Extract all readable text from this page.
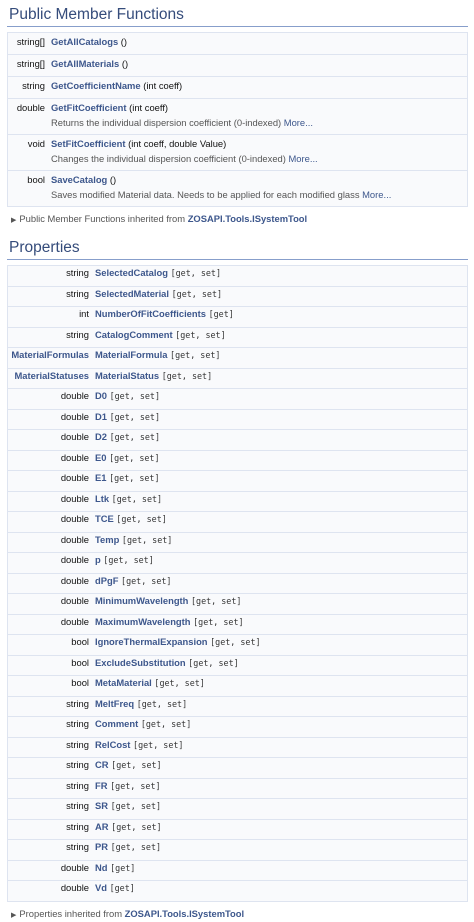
Public Member Functions
string[]	GetAllCatalogs ()
string[]	GetAllMaterials ()
string	GetCoefficientName (int coeff)
double	GetFitCoefficient (int coeff)
Returns the individual dispersion coefficient (0-indexed) More...

void	SetFitCoefficient (int coeff, double Value)
Changes the individual dispersion coefficient (0-indexed) More...

bool	SaveCatalog ()
Saves modified Material data. Needs to be applied for each modified glass More...
▶ Public Member Functions inherited from ZOSAPI.Tools.ISystemTool
Properties
string	SelectedCatalog [get, set]
string	SelectedMaterial [get, set]
int	NumberOfFitCoefficients [get]
string	CatalogComment [get, set]
MaterialFormulas	MaterialFormula [get, set]
MaterialStatuses	MaterialStatus [get, set]
double	D0 [get, set]
double	D1 [get, set]
double	D2 [get, set]
double	E0 [get, set]
double	E1 [get, set]
double	Ltk [get, set]
double	TCE [get, set]
double	Temp [get, set]
double	p [get, set]
double	dPgF [get, set]
double	MinimumWavelength [get, set]
double	MaximumWavelength [get, set]
bool	IgnoreThermalExpansion [get, set]
bool	ExcludeSubstitution [get, set]
bool	MetaMaterial [get, set]
string	MeltFreq [get, set]
string	Comment [get, set]
string	RelCost [get, set]
string	CR [get, set]
string	FR [get, set]
string	SR [get, set]
string	AR [get, set]
string	PR [get, set]
double	Nd [get]
double	Vd [get]
▶ Properties inherited from ZOSAPI.Tools.ISystemTool
